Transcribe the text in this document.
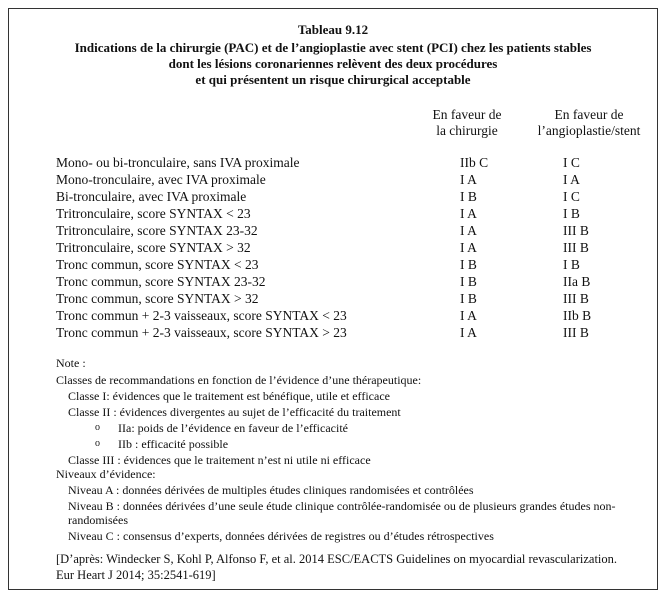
Tableau 9.12
Indications de la chirurgie (PAC) et de l’angioplastie avec stent (PCI) chez les patients stables
dont les lésions coronariennes relèvent des deux procédures
et qui présentent un risque chirurgical acceptable
En faveur de
la chirurgie
En faveur de
l’angioplastie/stent
Mono- ou bi-tronculaire, sans IVA proximale	IIb C	I C
Mono-tronculaire, avec IVA proximale	I A	I A
Bi-tronculaire, avec IVA proximale	I B	I C
Tritronculaire, score SYNTAX < 23	I A	I B
Tritronculaire, score SYNTAX 23-32	I A	III B
Tritronculaire, score SYNTAX > 32	I A	III B
Tronc commun, score SYNTAX < 23	I B	I B
Tronc commun, score SYNTAX 23-32	I B	IIa B
Tronc commun, score SYNTAX > 32	I B	III B
Tronc commun + 2-3 vaisseaux, score SYNTAX < 23	I A	IIb B
Tronc commun + 2-3 vaisseaux, score SYNTAX > 23	I A	III B
Note :
Classes de recommandations en fonction de l’évidence d’une thérapeutique:
Classe I: évidences que le traitement est bénéfique, utile et efficace
Classe II : évidences divergentes au sujet de l’efficacité du traitement
o IIa: poids de l’évidence en faveur de l’efficacité
o IIb : efficacité possible
Classe III : évidences que le traitement n’est ni utile ni efficace
Niveaux d’évidence:
Niveau A : données dérivées de multiples études cliniques randomisées et contrôlées
Niveau B : données dérivées d’une seule étude clinique contrôlée-randomisée ou de plusieurs grandes études non-
randomisées
Niveau C : consensus d’experts, données dérivées de registres ou d’études rétrospectives
[D’après: Windecker S, Kohl P, Alfonso F, et al. 2014 ESC/EACTS Guidelines on myocardial revascularization.
Eur Heart J 2014; 35:2541-619]
